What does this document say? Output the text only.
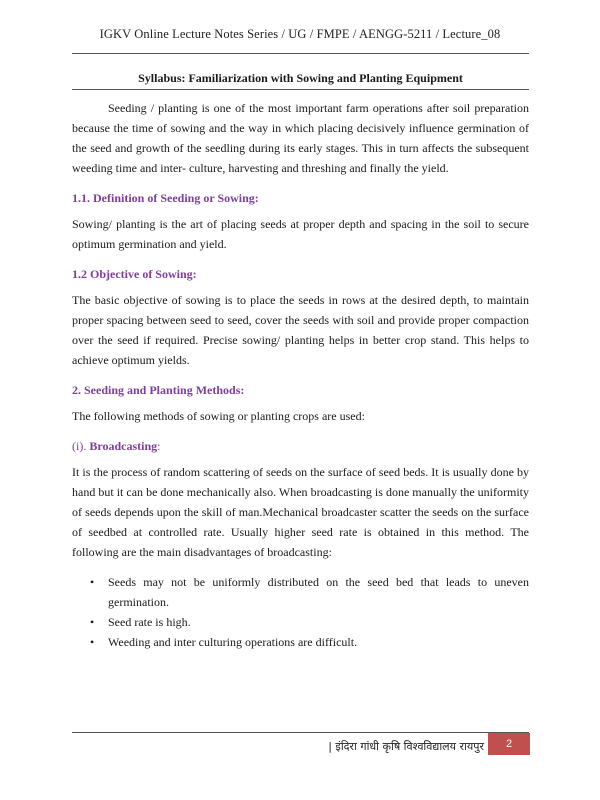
IGKV Online Lecture Notes Series / UG / FMPE / AENGG-5211 / Lecture_08
Syllabus: Familiarization with Sowing and Planting Equipment

Seeding / planting is one of the most important farm operations after soil preparation because the time of sowing and the way in which placing decisively influence germination of the seed and growth of the seedling during its early stages. This in turn affects the subsequent weeding time and inter- culture, harvesting and threshing and finally the yield.

1.1. Definition of Seeding or Sowing:

Sowing/ planting is the art of placing seeds at proper depth and spacing in the soil to secure optimum germination and yield.

1.2 Objective of Sowing:

The basic objective of sowing is to place the seeds in rows at the desired depth, to maintain proper spacing between seed to seed, cover the seeds with soil and provide proper compaction over the seed if required. Precise sowing/ planting helps in better crop stand. This helps to achieve optimum yields.

2. Seeding and Planting Methods:

The following methods of sowing or planting crops are used:

(i). Broadcasting:

It is the process of random scattering of seeds on the surface of seed beds. It is usually done by hand but it can be done mechanically also. When broadcasting is done manually the uniformity of seeds depends upon the skill of man.Mechanical broadcaster scatter the seeds on the surface of seedbed at controlled rate. Usually higher seed rate is obtained in this method. The following are the main disadvantages of broadcasting:

• Seeds may not be uniformly distributed on the seed bed that leads to uneven germination.
• Seed rate is high.
• Weeding and inter culturing operations are difficult.
| इंदिरा गांधी कृषि विश्वविद्यालय रायपुर	2
